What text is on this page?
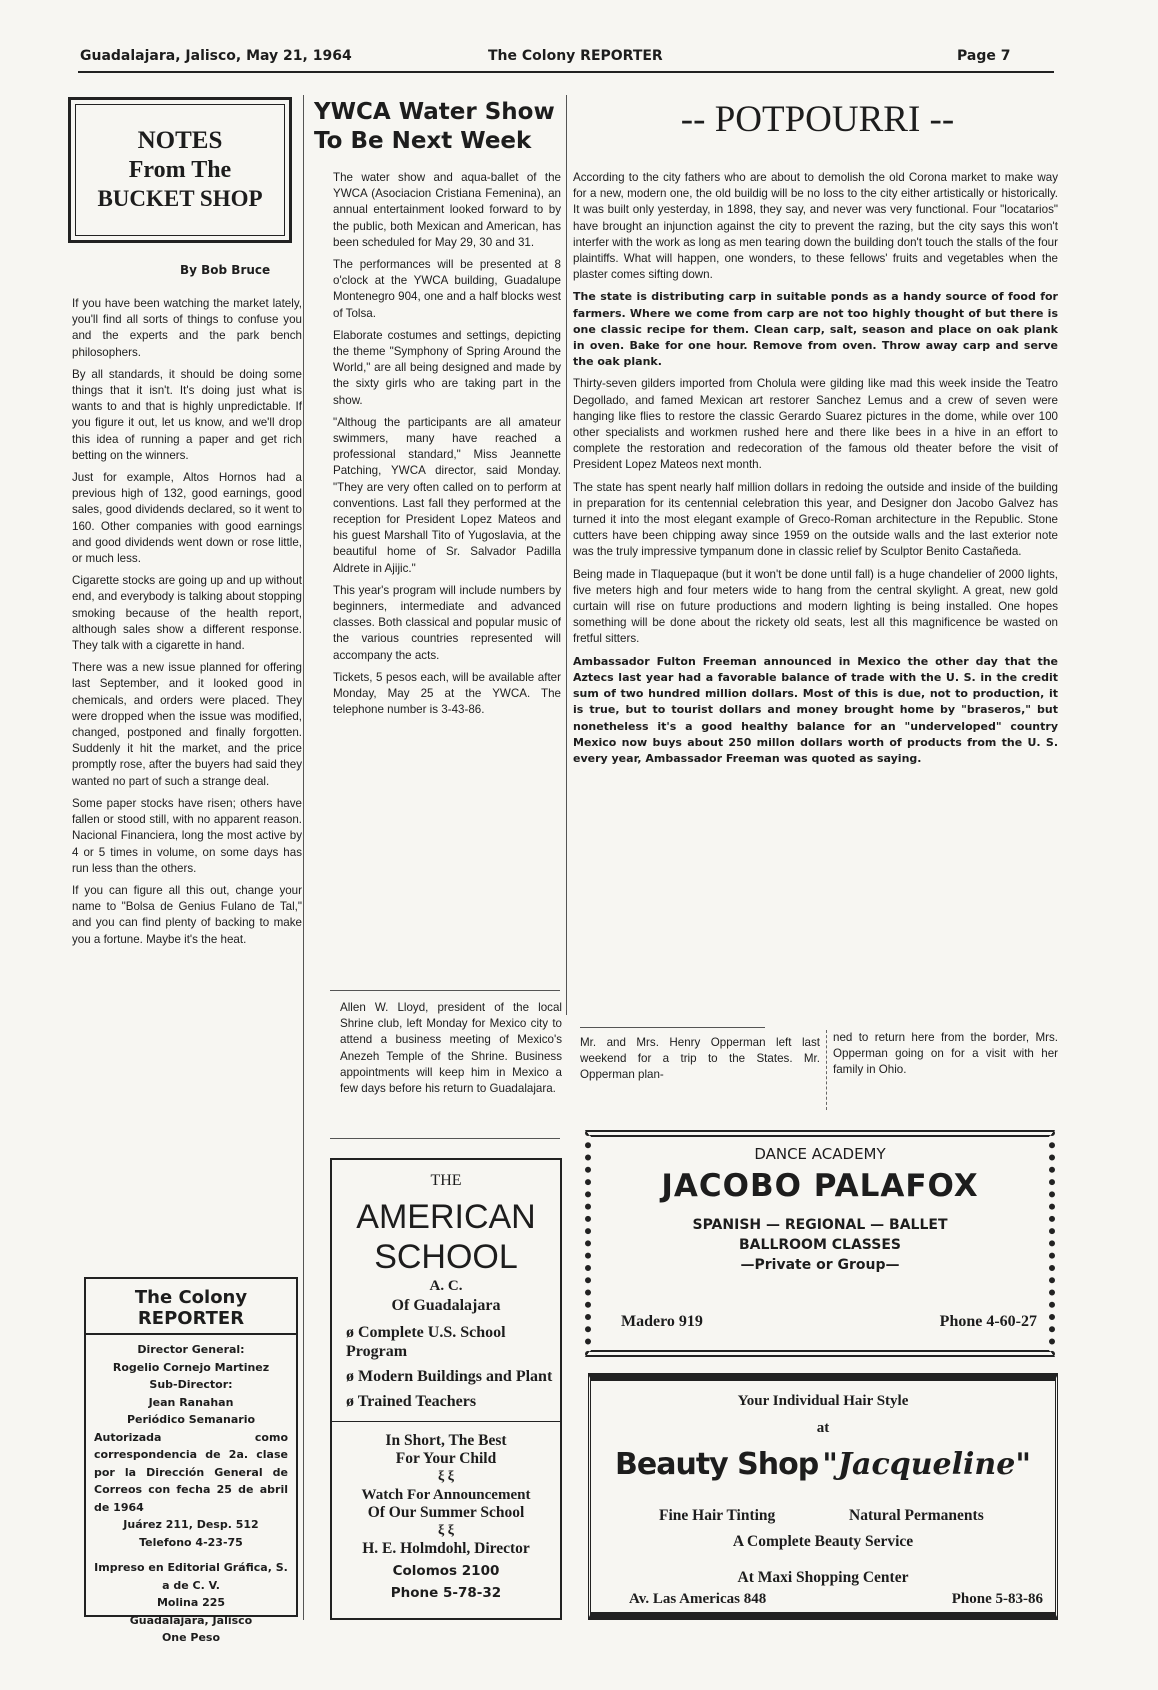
Guadalajara, Jalisco, May 21, 1964	The Colony REPORTER	Page 7
NOTES
From The
BUCKET SHOP
By Bob Bruce

If you have been watching the market lately, you'll find all sorts of things to confuse you and the experts and the park bench philosophers.

By all standards, it should be doing some things that it isn't. It's doing just what is wants to and that is highly unpredictable. If you figure it out, let us know, and we'll drop this idea of running a paper and get rich betting on the winners.

Just for example, Altos Hornos had a previous high of 132, good earnings, good sales, good dividends declared, so it went to 160. Other companies with good earnings and good dividends went down or rose little, or much less.

Cigarette stocks are going up and up without end, and everybody is talking about stopping smoking because of the health report, although sales show a different response. They talk with a cigarette in hand.

There was a new issue planned for offering last September, and it looked good in chemicals, and orders were placed. They were dropped when the issue was modified, changed, postponed and finally forgotten. Suddenly it hit the market, and the price promptly rose, after the buyers had said they wanted no part of such a strange deal.

Some paper stocks have risen; others have fallen or stood still, with no apparent reason. Nacional Financiera, long the most active by 4 or 5 times in volume, on some days has run less than the others.

If you can figure all this out, change your name to "Bolsa de Genius Fulano de Tal," and you can find plenty of backing to make you a fortune. Maybe it's the heat.

The Colony REPORTER
Director General:
Rogelio Cornejo Martinez
Sub-Director:
Jean Ranahan
Periódico Semanario
Autorizada como correspondencia de 2a. clase por la Dirección General de Correos con fecha 25 de abril de 1964
Juárez 211, Desp. 512
Telefono 4-23-75
Impreso en Editorial Gráfica, S. a de C. V.
Molina 225
Guadalajara, Jalisco
One Peso
YWCA Water Show
To Be Next Week

The water show and aqua-ballet of the YWCA (Asociacion Cristiana Femenina), an annual entertainment looked forward to by the public, both Mexican and American, has been scheduled for May 29, 30 and 31.

The performances will be presented at 8 o'clock at the YWCA building, Guadalupe Montenegro 904, one and a half blocks west of Tolsa.

Elaborate costumes and settings, depicting the theme "Symphony of Spring Around the World," are all being designed and made by the sixty girls who are taking part in the show.

"Althoug the participants are all amateur swimmers, many have reached a professional standard," Miss Jeannette Patching, YWCA director, said Monday. "They are very often called on to perform at conventions. Last fall they performed at the reception for President Lopez Mateos and his guest Marshall Tito of Yugoslavia, at the beautiful home of Sr. Salvador Padilla Aldrete in Ajijic."

This year's program will include numbers by beginners, intermediate and advanced classes. Both classical and popular music of the various countries represented will accompany the acts.

Tickets, 5 pesos each, will be available after Monday, May 25 at the YWCA. The telephone number is 3-43-86.

Allen W. Lloyd, president of the local Shrine club, left Monday for Mexico city to attend a business meeting of Mexico's Anezeh Temple of the Shrine. Business appointments will keep him in Mexico a few days before his return to Guadalajara.

THE
AMERICAN
SCHOOL
A. C.
Of Guadalajara
ø Complete U.S. School Program
ø Modern Buildings and Plant
ø Trained Teachers
In Short, The Best
For Your Child
ξ ξ
Watch For Announcement
Of Our Summer School
ξ ξ
H. E. Holmdohl, Director
Colomos 2100
Phone 5-78-32
-- POTPOURRI --

According to the city fathers who are about to demolish the old Corona market to make way for a new, modern one, the old buildig will be no loss to the city either artistically or historically. It was built only yesterday, in 1898, they say, and never was very functional. Four "locatarios" have brought an injunction against the city to prevent the razing, but the city says this won't interfer with the work as long as men tearing down the building don't touch the stalls of the four plaintiffs. What will happen, one wonders, to these fellows' fruits and vegetables when the plaster comes sifting down.

The state is distributing carp in suitable ponds as a handy source of food for farmers. Where we come from carp are not too highly thought of but there is one classic recipe for them. Clean carp, salt, season and place on oak plank in oven. Bake for one hour. Remove from oven. Throw away carp and serve the oak plank.

Thirty-seven gilders imported from Cholula were gilding like mad this week inside the Teatro Degollado, and famed Mexican art restorer Sanchez Lemus and a crew of seven were hanging like flies to restore the classic Gerardo Suarez pictures in the dome, while over 100 other specialists and workmen rushed here and there like bees in a hive in an effort to complete the restoration and redecoration of the famous old theater before the visit of President Lopez Mateos next month.

The state has spent nearly half million dollars in redoing the outside and inside of the building in preparation for its centennial celebration this year, and Designer don Jacobo Galvez has turned it into the most elegant example of Greco-Roman architecture in the Republic. Stone cutters have been chipping away since 1959 on the outside walls and the last exterior note was the truly impressive tympanum done in classic relief by Sculptor Benito Castañeda.

Being made in Tlaquepaque (but it won't be done until fall) is a huge chandelier of 2000 lights, five meters high and four meters wide to hang from the central skylight. A great, new gold curtain will rise on future productions and modern lighting is being installed. One hopes something will be done about the rickety old seats, lest all this magnificence be wasted on fretful sitters.

Ambassador Fulton Freeman announced in Mexico the other day that the Aztecs last year had a favorable balance of trade with the U. S. in the credit sum of two hundred million dollars. Most of this is due, not to production, it is true, but to tourist dollars and money brought home by "braseros," but nonetheless it's a good healthy balance for an "underveloped" country Mexico now buys about 250 millon dollars worth of products from the U. S. every year, Ambassador Freeman was quoted as saying.

Mr. and Mrs. Henry Opperman left last weekend for a trip to the States. Mr. Opperman plan-

ned to return here from the border, Mrs. Opperman going on for a visit with her family in Ohio.

DANCE ACADEMY
JACOBO PALAFOX
SPANISH — REGIONAL — BALLET
BALLROOM CLASSES
—Private or Group—
Madero 919	Phone 4-60-27
Your Individual Hair Style
at
Beauty Shop "Jacqueline"
Fine Hair Tinting	Natural Permanents
A Complete Beauty Service
At Maxi Shopping Center
Av. Las Americas 848	Phone 5-83-86
